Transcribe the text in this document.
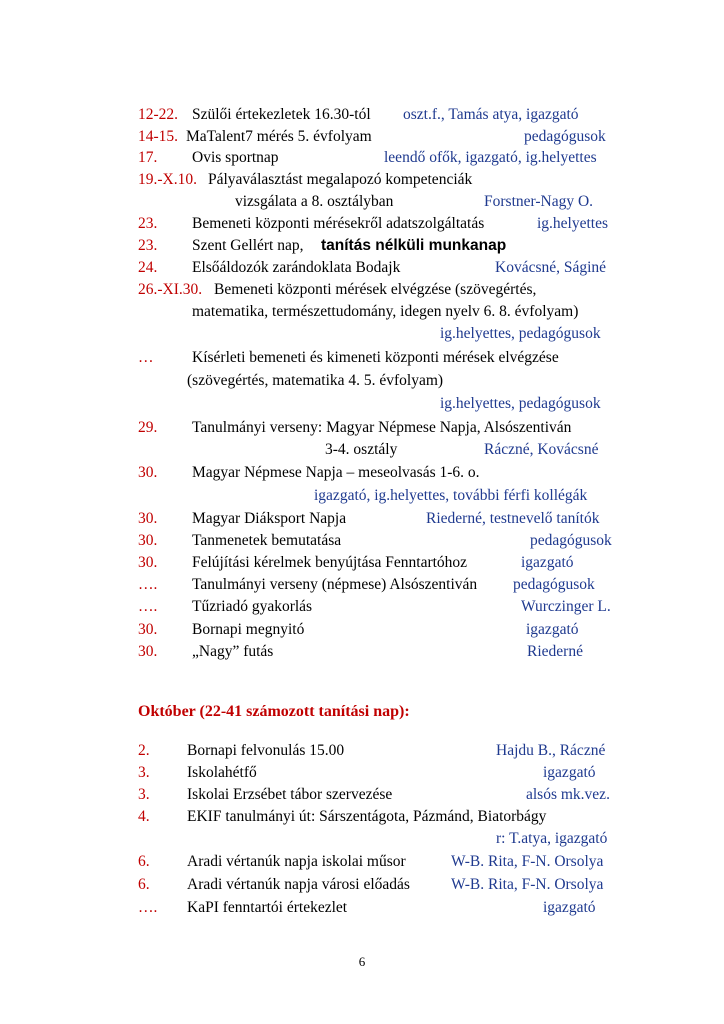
12-22. Szülői értekezletek 16.30-tól oszt.f., Tamás atya, igazgató
14-15. MaTalent7 mérés 5. évfolyam	pedagógusok
17. Ovis sportnap	leendő ofők, igazgató, ig.helyettes
19.-X.10. Pályaválasztást megalapozó kompetenciák
vizsgálata a 8. osztályban	Forstner-Nagy O.
23. Bemeneti központi mérésekről adatszolgáltatás	ig.helyettes
23. Szent Gellért nap, tanítás nélküli munkanap
24. Elsőáldozók zarándoklata Bodajk	Kovácsné, Ságiné
26.-XI.30. Bemeneti központi mérések elvégzése (szövegértés,
matematika, természettudomány, idegen nyelv 6. 8. évfolyam)
ig.helyettes, pedagógusok
… Kísérleti bemeneti és kimeneti központi mérések elvégzése
(szövegértés, matematika 4. 5. évfolyam)
ig.helyettes, pedagógusok
29. Tanulmányi verseny: Magyar Népmese Napja, Alsószentiván
3-4. osztály	Ráczné, Kovácsné
30. Magyar Népmese Napja – meseolvasás 1-6. o.
igazgató, ig.helyettes, további férfi kollégák
30. Magyar Diáksport Napja	Riederné, testnevelő tanítók
30. Tanmenetek bemutatása	pedagógusok
30. Felújítási kérelmek benyújtása Fenntartóhoz	igazgató
…. Tanulmányi verseny (népmese) Alsószentiván pedagógusok
…. Tűzriadó gyakorlás	Wurczinger L.
30. Bornapi megnyitó	igazgató
30. „Nagy” futás	Riederné
Október (22-41 számozott tanítási nap):
2. Bornapi felvonulás 15.00	Hajdu B., Ráczné
3. Iskolahétfő	igazgató
3. Iskolai Erzsébet tábor szervezése	alsós mk.vez.
4. EKIF tanulmányi út: Sárszentágota, Pázmánd, Biatorbágy
r: T.atya, igazgató
6. Aradi vértanúk napja iskolai műsor	W-B. Rita, F-N. Orsolya
6. Aradi vértanúk napja városi előadás	W-B. Rita, F-N. Orsolya
…. KaPI fenntartói értekezlet	igazgató
6
